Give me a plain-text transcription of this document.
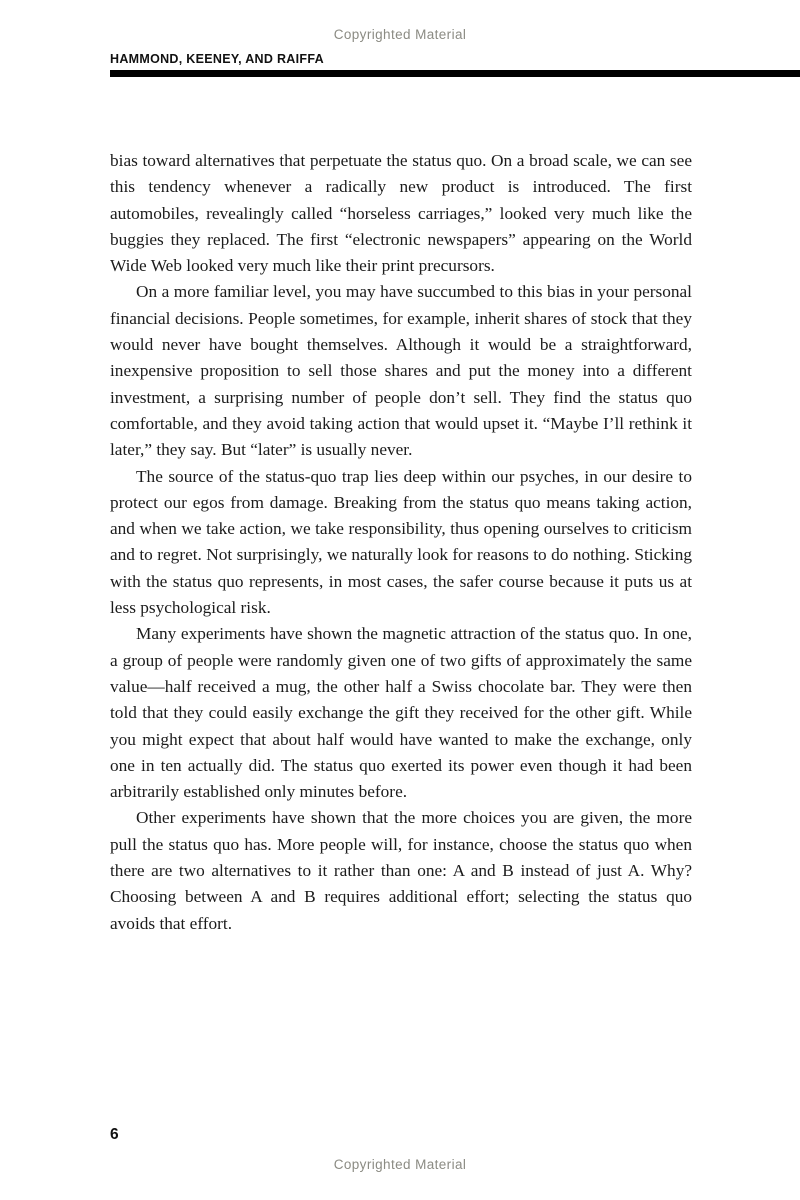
Copyrighted Material
HAMMOND, KEENEY, AND RAIFFA

bias toward alternatives that perpetuate the status quo. On a broad scale, we can see this tendency whenever a radically new product is introduced. The first automobiles, revealingly called “horseless carriages,” looked very much like the buggies they replaced. The first “electronic newspapers” appearing on the World Wide Web looked very much like their print precursors.

On a more familiar level, you may have succumbed to this bias in your personal financial decisions. People sometimes, for example, inherit shares of stock that they would never have bought themselves. Although it would be a straightforward, inexpensive proposition to sell those shares and put the money into a different investment, a surprising number of people don’t sell. They find the status quo comfortable, and they avoid taking action that would upset it. “Maybe I’ll rethink it later,” they say. But “later” is usually never.

The source of the status-quo trap lies deep within our psyches, in our desire to protect our egos from damage. Breaking from the status quo means taking action, and when we take action, we take responsibility, thus opening ourselves to criticism and to regret. Not surprisingly, we naturally look for reasons to do nothing. Sticking with the status quo represents, in most cases, the safer course because it puts us at less psychological risk.

Many experiments have shown the magnetic attraction of the status quo. In one, a group of people were randomly given one of two gifts of approximately the same value—half received a mug, the other half a Swiss chocolate bar. They were then told that they could easily exchange the gift they received for the other gift. While you might expect that about half would have wanted to make the exchange, only one in ten actually did. The status quo exerted its power even though it had been arbitrarily established only minutes before.

Other experiments have shown that the more choices you are given, the more pull the status quo has. More people will, for instance, choose the status quo when there are two alternatives to it rather than one: A and B instead of just A. Why? Choosing between A and B requires additional effort; selecting the status quo avoids that effort.

6
Copyrighted Material
